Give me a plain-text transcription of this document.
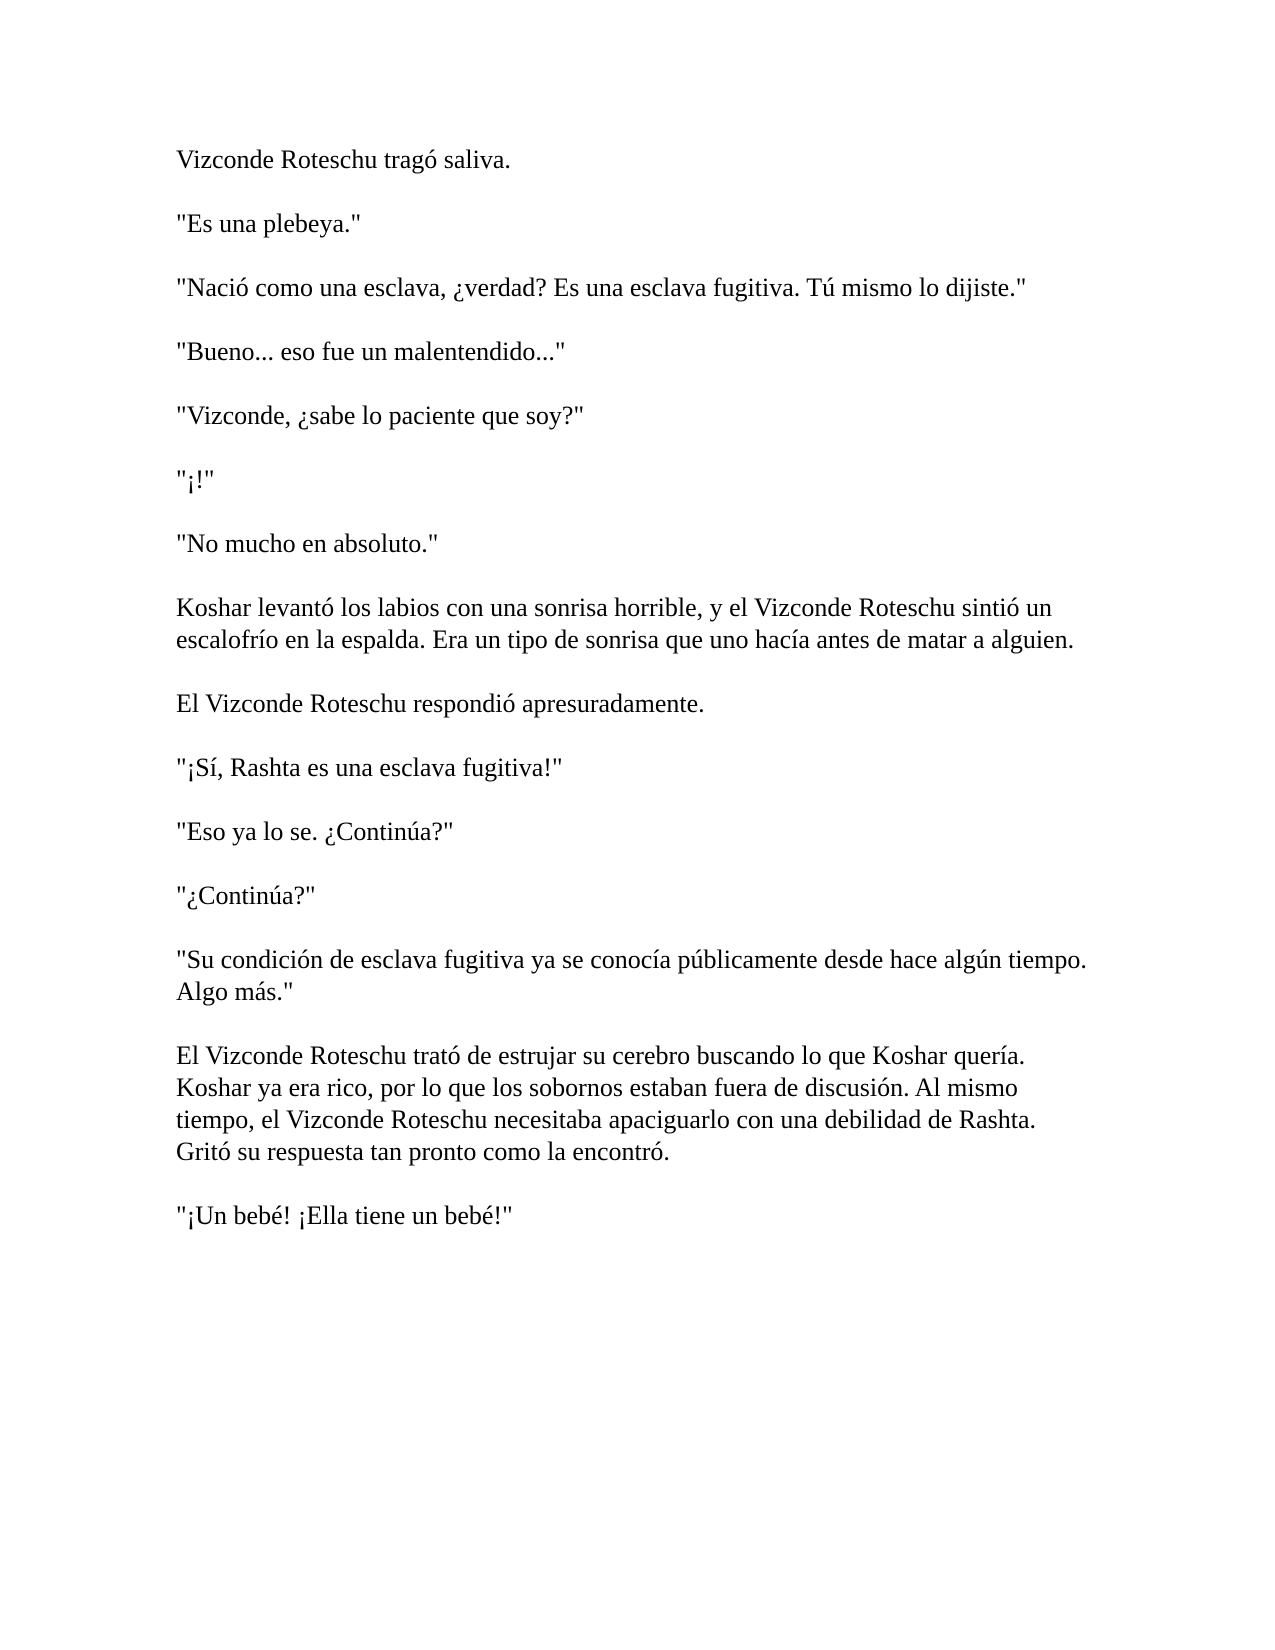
Vizconde Roteschu tragó saliva.

"Es una plebeya."

"Nació como una esclava, ¿verdad? Es una esclava fugitiva. Tú mismo lo dijiste."

"Bueno... eso fue un malentendido..."

"Vizconde, ¿sabe lo paciente que soy?"

"¡!"

"No mucho en absoluto."

Koshar levantó los labios con una sonrisa horrible, y el Vizconde Roteschu sintió un escalofrío en la espalda. Era un tipo de sonrisa que uno hacía antes de matar a alguien.

El Vizconde Roteschu respondió apresuradamente.

"¡Sí, Rashta es una esclava fugitiva!"

"Eso ya lo se. ¿Continúa?"

"¿Continúa?"

"Su condición de esclava fugitiva ya se conocía públicamente desde hace algún tiempo. Algo más."

El Vizconde Roteschu trató de estrujar su cerebro buscando lo que Koshar quería. Koshar ya era rico, por lo que los sobornos estaban fuera de discusión. Al mismo tiempo, el Vizconde Roteschu necesitaba apaciguarlo con una debilidad de Rashta. Gritó su respuesta tan pronto como la encontró.

"¡Un bebé! ¡Ella tiene un bebé!"
